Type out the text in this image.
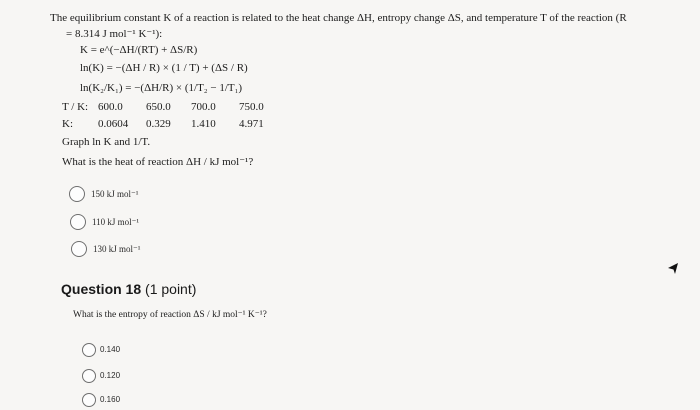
The equilibrium constant K of a reaction is related to the heat change ΔH, entropy change ΔS, and temperature T of the reaction (R
= 8.314 J mol⁻¹ K⁻¹):
K = e^(−ΔH/(RT) + ΔS/R)
ln(K) = −(ΔH / R) × (1 / T) + (ΔS / R)
ln(K₂/K₁) = −(ΔH/R) × (1/T₂ − 1/T₁)
T / K: 600.0 650.0 700.0 750.0
K: 0.0604 0.329 1.410 4.971
Graph ln K and 1/T.
What is the heat of reaction ΔH / kJ mol⁻¹?
150 kJ mol⁻¹
110 kJ mol⁻¹
130 kJ mol⁻¹
Question 18 (1 point)
What is the entropy of reaction ΔS / kJ mol⁻¹ K⁻¹?
0.140
0.120
0.160
